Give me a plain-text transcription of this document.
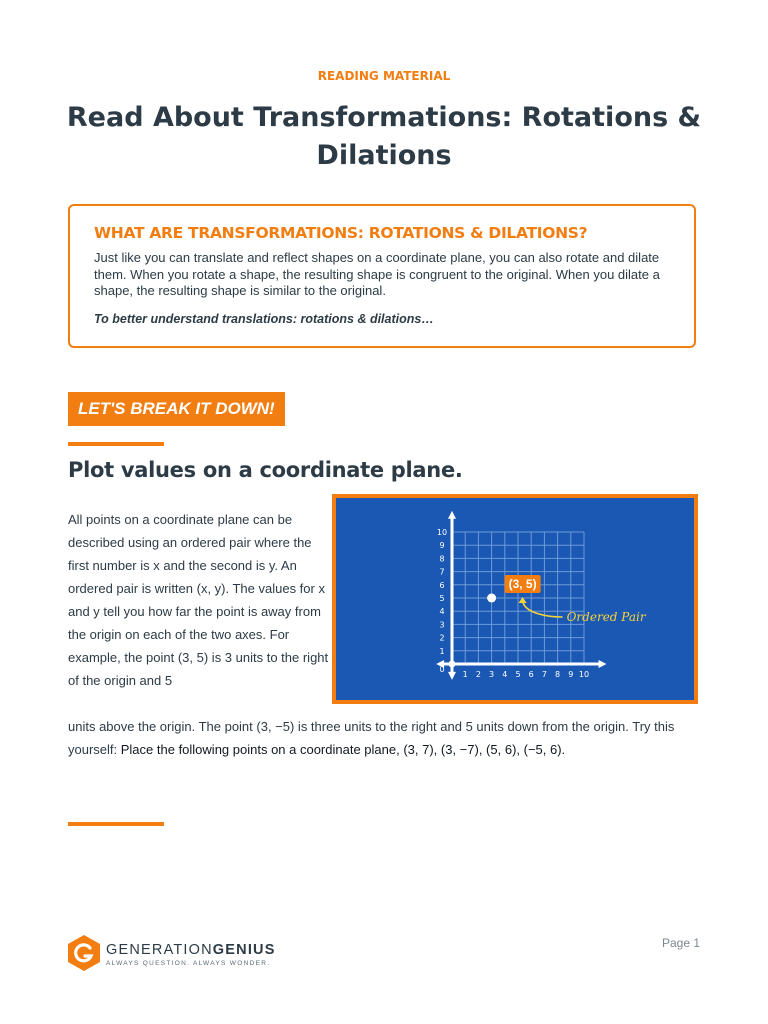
READING MATERIAL
Read About Transformations: Rotations & Dilations
WHAT ARE TRANSFORMATIONS: ROTATIONS & DILATIONS?

Just like you can translate and reflect shapes on a coordinate plane, you can also rotate and dilate them. When you rotate a shape, the resulting shape is congruent to the original. When you dilate a shape, the resulting shape is similar to the original.

To better understand translations: rotations & dilations…

LET'S BREAK IT DOWN!
Plot values on a coordinate plane.

All points on a coordinate plane can be described using an ordered pair where the first number is x and the second is y. An ordered pair is written (x, y). The values for x and y tell you how far the point is away from the origin on each of the two axes. For example, the point (3, 5) is 3 units to the right of the origin and 5	1 2 3 4 5 6 7 8 9 10
1
2
3
4
5
6
7
8
9
10
0
(3, 5)
Ordered Pair

units above the origin. The point (3, −5) is three units to the right and 5 units down from the origin. Try this yourself: Place the following points on a coordinate plane, (3, 7), (3, −7), (5, 6), (−5, 6).

GENERATIONGENIUS
ALWAYS QUESTION. ALWAYS WONDER.
Page 1
